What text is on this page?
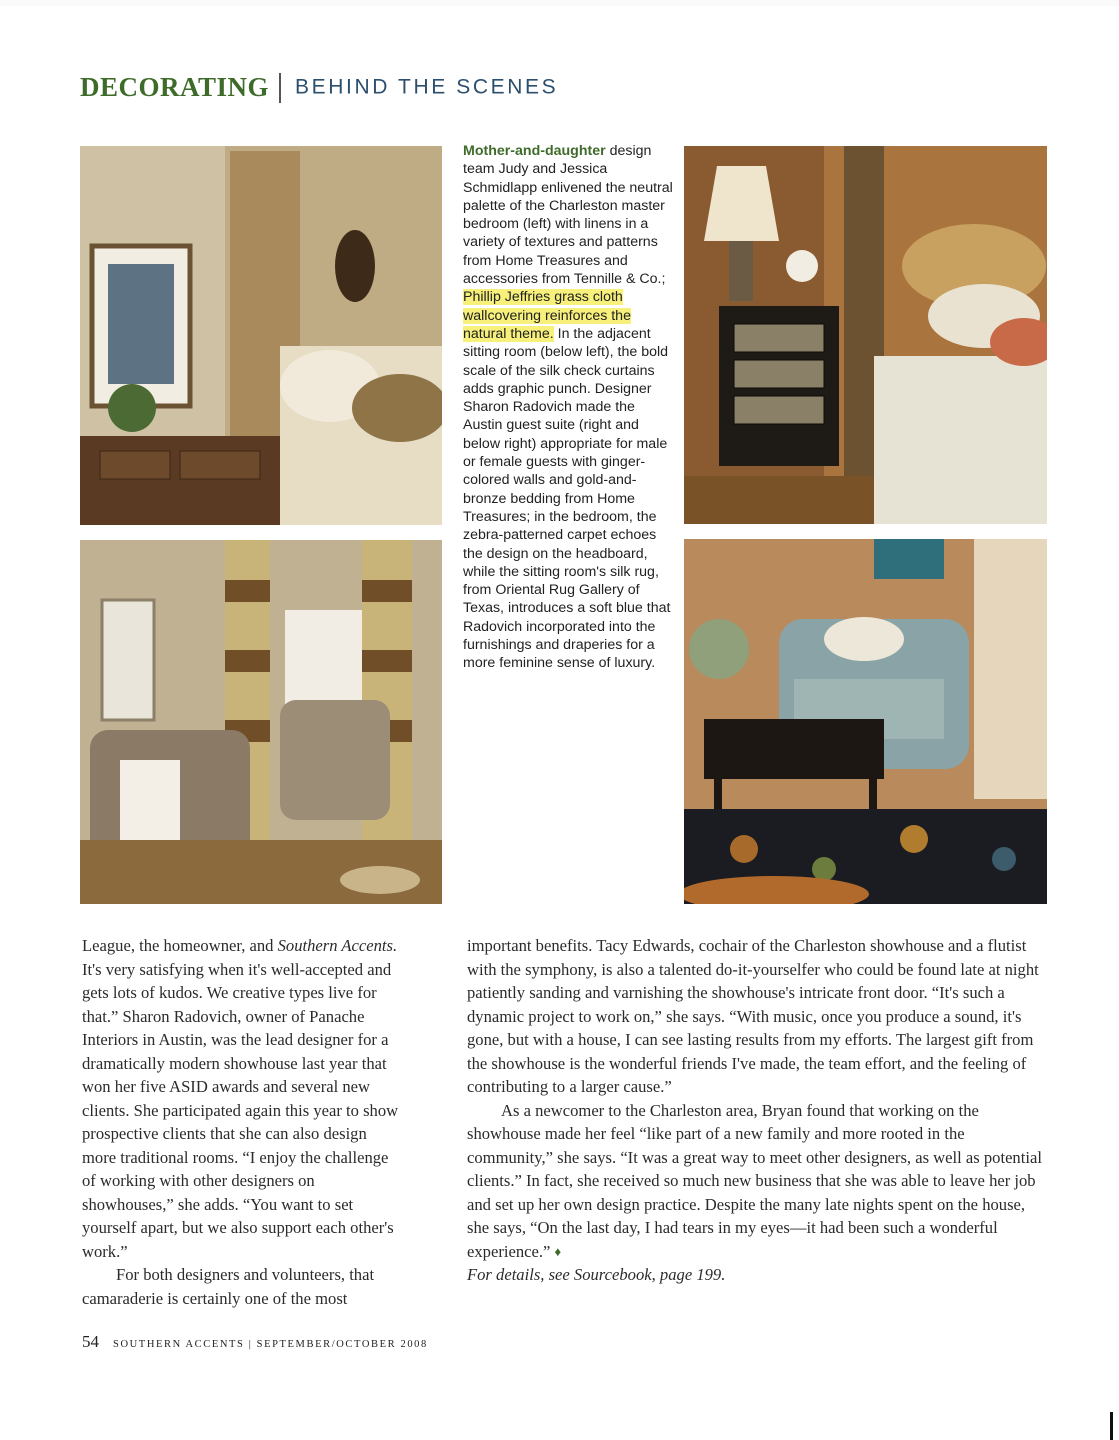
DECORATING BEHIND THE SCENES
Mother-and-daughter design team Judy and Jessica Schmidlapp enlivened the neutral palette of the Charleston master bedroom (left) with linens in a variety of textures and patterns from Home Treasures and accessories from Tennille & Co.; Phillip Jeffries grass cloth wallcovering reinforces the natural theme. In the adjacent sitting room (below left), the bold scale of the silk check curtains adds graphic punch. Designer Sharon Radovich made the Austin guest suite (right and below right) appropriate for male or female guests with ginger-colored walls and gold-and-bronze bedding from Home Treasures; in the bedroom, the zebra-patterned carpet echoes the design on the headboard, while the sitting room's silk rug, from Oriental Rug Gallery of Texas, introduces a soft blue that Radovich incorporated into the furnishings and draperies for a more feminine sense of luxury.

League, the homeowner, and Southern Accents. It's very satisfying when it's well-accepted and gets lots of kudos. We creative types live for that.” Sharon Radovich, owner of Panache Interiors in Austin, was the lead designer for a dramatically modern showhouse last year that won her five ASID awards and several new clients. She participated again this year to show prospective clients that she can also design more traditional rooms. “I enjoy the challenge of working with other designers on showhouses,” she adds. “You want to set yourself apart, but we also support each other's work.”

For both designers and volunteers, that camaraderie is certainly one of the most

important benefits. Tacy Edwards, cochair of the Charleston showhouse and a flutist with the symphony, is also a talented do-it-yourselfer who could be found late at night patiently sanding and varnishing the showhouse's intricate front door. “It's such a dynamic project to work on,” she says. “With music, once you produce a sound, it's gone, but with a house, I can see lasting results from my efforts. The largest gift from the showhouse is the wonderful friends I've made, the team effort, and the feeling of contributing to a larger cause.”

As a newcomer to the Charleston area, Bryan found that working on the showhouse made her feel “like part of a new family and more rooted in the community,” she says. “It was a great way to meet other designers, as well as potential clients.” In fact, she received so much new business that she was able to leave her job and set up her own design practice. Despite the many late nights spent on the house, she says, “On the last day, I had tears in my eyes—it had been such a wonderful experience.” ♦
For details, see Sourcebook, page 199.

54 SOUTHERN ACCENTS | SEPTEMBER/OCTOBER 2008
